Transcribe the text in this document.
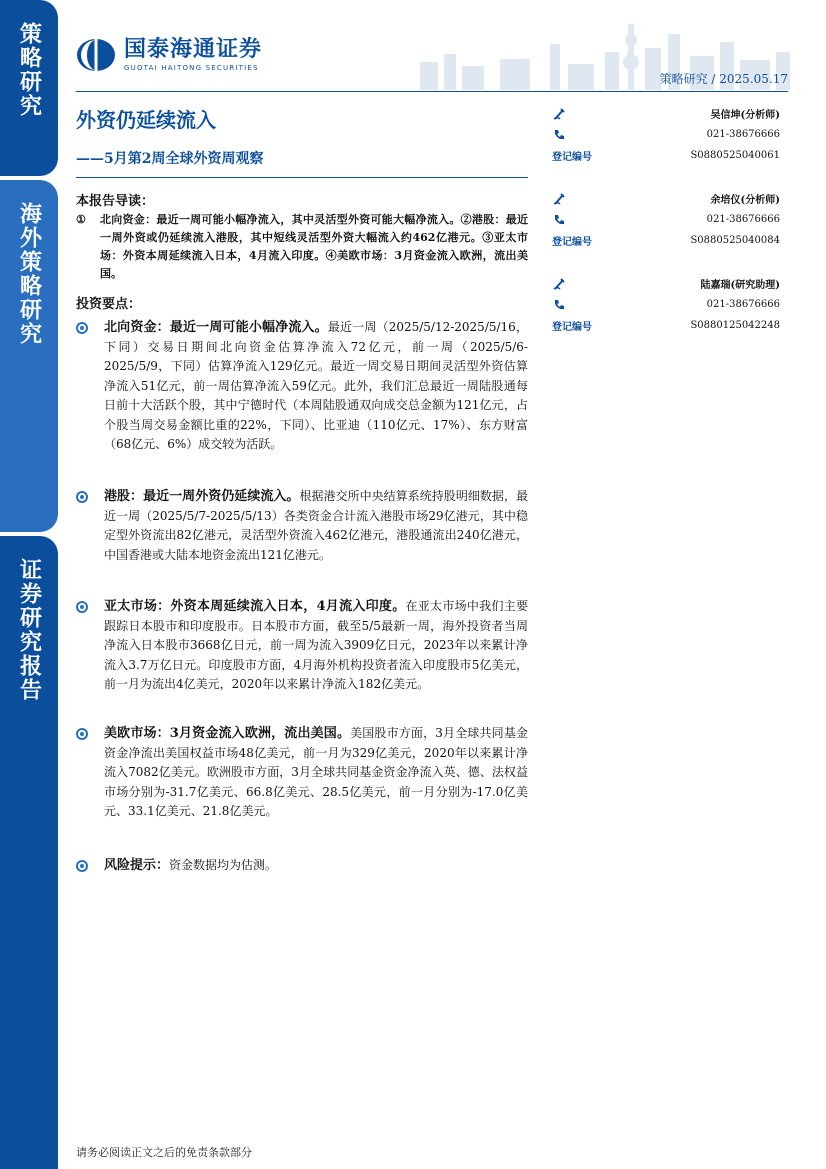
策略研究
海外策略研究
证券研究报告
国泰海通证券
GUOTAI HAITONG SECURITIES
策略研究 / 2025.05.17
外资仍延续流入
——5月第2周全球外资周观察
本报告导读：
① 北向资金：最近一周可能小幅净流入，其中灵活型外资可能大幅净流入。②港股：最近一周外资或仍延续流入港股，其中短线灵活型外资大幅流入约462亿港元。③亚太市场：外资本周延续流入日本，4月流入印度。④美欧市场：3月资金流入欧洲，流出美国。
投资要点：
北向资金：最近一周可能小幅净流入。最近一周（2025/5/12-2025/5/16，下同）交易日期间北向资金估算净流入72亿元，前一周（2025/5/6-2025/5/9，下同）估算净流入129亿元。最近一周交易日期间灵活型外资估算净流入51亿元，前一周估算净流入59亿元。此外，我们汇总最近一周陆股通每日前十大活跃个股，其中宁德时代（本周陆股通双向成交总金额为121亿元，占个股当周交易金额比重的22%，下同）、比亚迪（110亿元、17%）、东方财富（68亿元、6%）成交较为活跃。
港股：最近一周外资仍延续流入。根据港交所中央结算系统持股明细数据，最近一周（2025/5/7-2025/5/13）各类资金合计流入港股市场29亿港元，其中稳定型外资流出82亿港元，灵活型外资流入462亿港元，港股通流出240亿港元，中国香港或大陆本地资金流出121亿港元。
亚太市场：外资本周延续流入日本，4月流入印度。在亚太市场中我们主要跟踪日本股市和印度股市。日本股市方面，截至5/5最新一周，海外投资者当周净流入日本股市3668亿日元，前一周为流入3909亿日元，2023年以来累计净流入3.7万亿日元。印度股市方面，4月海外机构投资者流入印度股市5亿美元，前一月为流出4亿美元，2020年以来累计净流入182亿美元。
美欧市场：3月资金流入欧洲，流出美国。美国股市方面，3月全球共同基金资金净流出美国权益市场48亿美元，前一月为329亿美元，2020年以来累计净流入7082亿美元。欧洲股市方面，3月全球共同基金资金净流入英、德、法权益市场分别为-31.7亿美元、66.8亿美元、28.5亿美元，前一月分别为-17.0亿美元、33.1亿美元、21.8亿美元。
风险提示：资金数据均为估测。
吴信坤(分析师)
021-38676666
登记编号	S0880525040061
余培仪(分析师)
021-38676666
登记编号	S0880525040084
陆嘉瑞(研究助理)
021-38676666
登记编号	S0880125042248
请务必阅读正文之后的免责条款部分
